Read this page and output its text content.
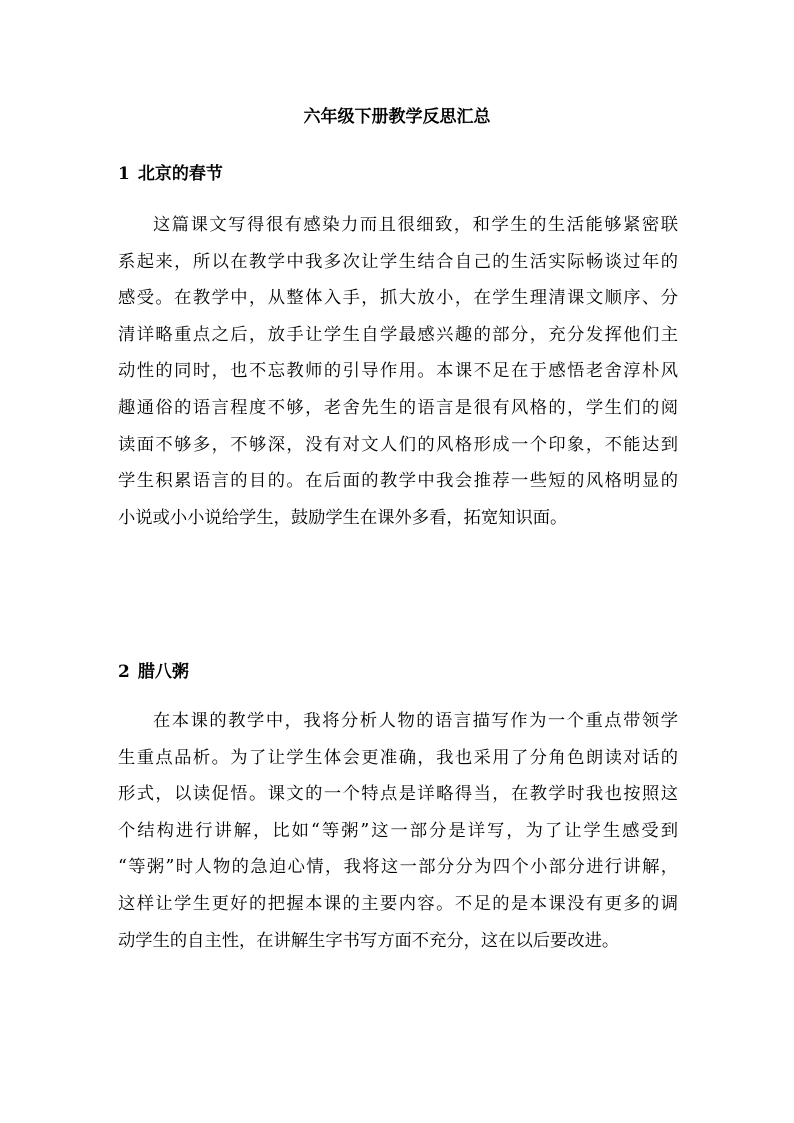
六年级下册教学反思汇总
1 北京的春节
这篇课文写得很有感染力而且很细致，和学生的生活能够紧密联
系起来，所以在教学中我多次让学生结合自己的生活实际畅谈过年的
感受。在教学中，从整体入手，抓大放小，在学生理清课文顺序、分
清详略重点之后，放手让学生自学最感兴趣的部分，充分发挥他们主
动性的同时，也不忘教师的引导作用。本课不足在于感悟老舍淳朴风
趣通俗的语言程度不够，老舍先生的语言是很有风格的，学生们的阅
读面不够多，不够深，没有对文人们的风格形成一个印象，不能达到
学生积累语言的目的。在后面的教学中我会推荐一些短的风格明显的
小说或小小说给学生，鼓励学生在课外多看，拓宽知识面。
2 腊八粥
在本课的教学中，我将分析人物的语言描写作为一个重点带领学
生重点品析。为了让学生体会更准确，我也采用了分角色朗读对话的
形式，以读促悟。课文的一个特点是详略得当，在教学时我也按照这
个结构进行讲解，比如“等粥”这一部分是详写，为了让学生感受到
“等粥”时人物的急迫心情，我将这一部分分为四个小部分进行讲解，
这样让学生更好的把握本课的主要内容。不足的是本课没有更多的调
动学生的自主性，在讲解生字书写方面不充分，这在以后要改进。
